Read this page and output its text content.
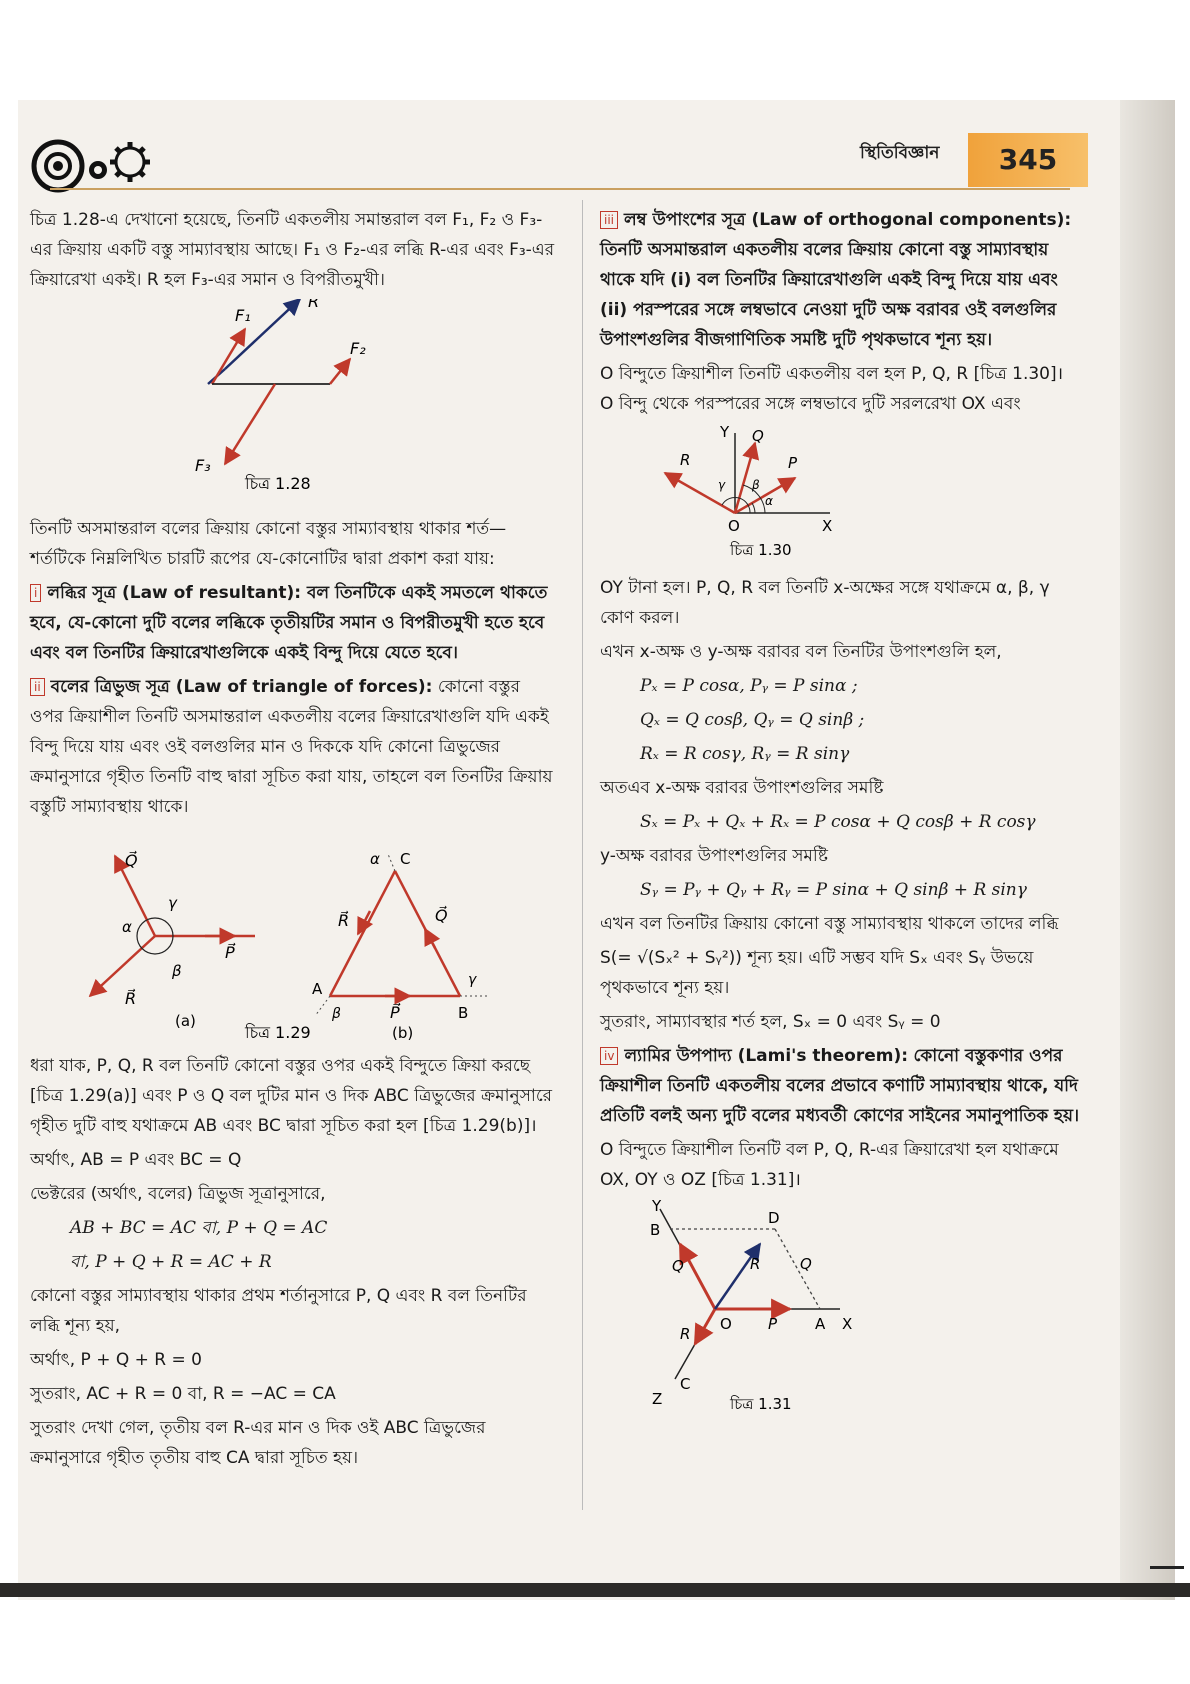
স্থিতিবিজ্ঞান	345

চিত্র 1.28-এ দেখানো হয়েছে, তিনটি একতলীয় সমান্তরাল বল F₁, F₂ ও F₃-এর ক্রিয়ায় একটি বস্তু সাম্যাবস্থায় আছে। F₁ ও F₂-এর লব্ধি R-এর এবং F₃-এর ক্রিয়ারেখা একই। R হল F₃-এর সমান ও বিপরীতমুখী।

F₁
F₂
F₃
R
চিত্র 1.28

তিনটি অসমান্তরাল বলের ক্রিয়ায় কোনো বস্তুর সাম্যাবস্থায় থাকার শর্ত— শর্তটিকে নিম্নলিখিত চারটি রূপের যে-কোনোটির দ্বারা প্রকাশ করা যায়:

i লব্ধির সূত্র (Law of resultant): বল তিনটিকে একই সমতলে থাকতে হবে, যে-কোনো দুটি বলের লব্ধিকে তৃতীয়টির সমান ও বিপরীতমুখী হতে হবে এবং বল তিনটির ক্রিয়ারেখাগুলিকে একই বিন্দু দিয়ে যেতে হবে।

ii বলের ত্রিভুজ সূত্র (Law of triangle of forces): কোনো বস্তুর ওপর ক্রিয়াশীল তিনটি অসমান্তরাল একতলীয় বলের ক্রিয়ারেখাগুলি যদি একই বিন্দু দিয়ে যায় এবং ওই বলগুলির মান ও দিককে যদি কোনো ত্রিভুজের ক্রমানুসারে গৃহীত তিনটি বাহু দ্বারা সূচিত করা যায়, তাহলে বল তিনটির ক্রিয়ায় বস্তুটি সাম্যাবস্থায় থাকে।

Q⃗
P⃗
R⃗
α
γ
β
(a)
A
B
C
α
R⃗	Q⃗
P⃗
γ
β
(b)
চিত্র 1.29

ধরা যাক, P, Q, R বল তিনটি কোনো বস্তুর ওপর একই বিন্দুতে ক্রিয়া করছে [চিত্র 1.29(a)] এবং P ও Q বল দুটির মান ও দিক ABC ত্রিভুজের ক্রমানুসারে গৃহীত দুটি বাহু যথাক্রমে AB এবং BC দ্বারা সূচিত করা হল [চিত্র 1.29(b)]।

অর্থাৎ, AB = P এবং BC = Q

ভেক্টরের (অর্থাৎ, বলের) ত্রিভুজ সূত্রানুসারে,

AB + BC = AC বা, P + Q = AC

বা, P + Q + R = AC + R

কোনো বস্তুর সাম্যাবস্থায় থাকার প্রথম শর্তানুসারে P, Q এবং R বল তিনটির লব্ধি শূন্য হয়,

অর্থাৎ, P + Q + R = 0

সুতরাং, AC + R = 0 বা, R = −AC = CA

সুতরাং দেখা গেল, তৃতীয় বল R-এর মান ও দিক ওই ABC ত্রিভুজের ক্রমানুসারে গৃহীত তৃতীয় বাহু CA দ্বারা সূচিত হয়।

iii লম্ব উপাংশের সূত্র (Law of orthogonal components): তিনটি অসমান্তরাল একতলীয় বলের ক্রিয়ায় কোনো বস্তু সাম্যাবস্থায় থাকে যদি (i) বল তিনটির ক্রিয়ারেখাগুলি একই বিন্দু দিয়ে যায় এবং (ii) পরস্পরের সঙ্গে লম্বভাবে নেওয়া দুটি অক্ষ বরাবর ওই বলগুলির উপাংশগুলির বীজগাণিতিক সমষ্টি দুটি পৃথকভাবে শূন্য হয়।

O বিন্দুতে ক্রিয়াশীল তিনটি একতলীয় বল হল P, Q, R [চিত্র 1.30]। O বিন্দু থেকে পরস্পরের সঙ্গে লম্বভাবে দুটি সরলরেখা OX এবং

Y Q
R	P
O	X
α
β
γ
চিত্র 1.30

OY টানা হল। P, Q, R বল তিনটি x-অক্ষের সঙ্গে যথাক্রমে α, β, γ কোণ করল।

এখন x-অক্ষ ও y-অক্ষ বরাবর বল তিনটির উপাংশগুলি হল,

Pₓ = P cosα, Pᵧ = P sinα ;

Qₓ = Q cosβ, Qᵧ = Q sinβ ;

Rₓ = R cosγ, Rᵧ = R sinγ

অতএব x-অক্ষ বরাবর উপাংশগুলির সমষ্টি

Sₓ = Pₓ + Qₓ + Rₓ = P cosα + Q cosβ + R cosγ

y-অক্ষ বরাবর উপাংশগুলির সমষ্টি

Sᵧ = Pᵧ + Qᵧ + Rᵧ = P sinα + Q sinβ + R sinγ

এখন বল তিনটির ক্রিয়ায় কোনো বস্তু সাম্যাবস্থায় থাকলে তাদের লব্ধি

S(= √(Sₓ² + Sᵧ²)) শূন্য হয়। এটি সম্ভব যদি Sₓ এবং Sᵧ উভয়ে পৃথকভাবে শূন্য হয়।

সুতরাং, সাম্যাবস্থার শর্ত হল, Sₓ = 0 এবং Sᵧ = 0

iv ল্যামির উপপাদ্য (Lami's theorem): কোনো বস্তুকণার ওপর ক্রিয়াশীল তিনটি একতলীয় বলের প্রভাবে কণাটি সাম্যাবস্থায় থাকে, যদি প্রতিটি বলই অন্য দুটি বলের মধ্যবর্তী কোণের সাইনের সমানুপাতিক হয়।

O বিন্দুতে ক্রিয়াশীল তিনটি বল P, Q, R-এর ক্রিয়ারেখা হল যথাক্রমে OX, OY ও OZ [চিত্র 1.31]।

Y
B
D
Q	R	Q
O P	A X
R
Z
C
চিত্র 1.31
